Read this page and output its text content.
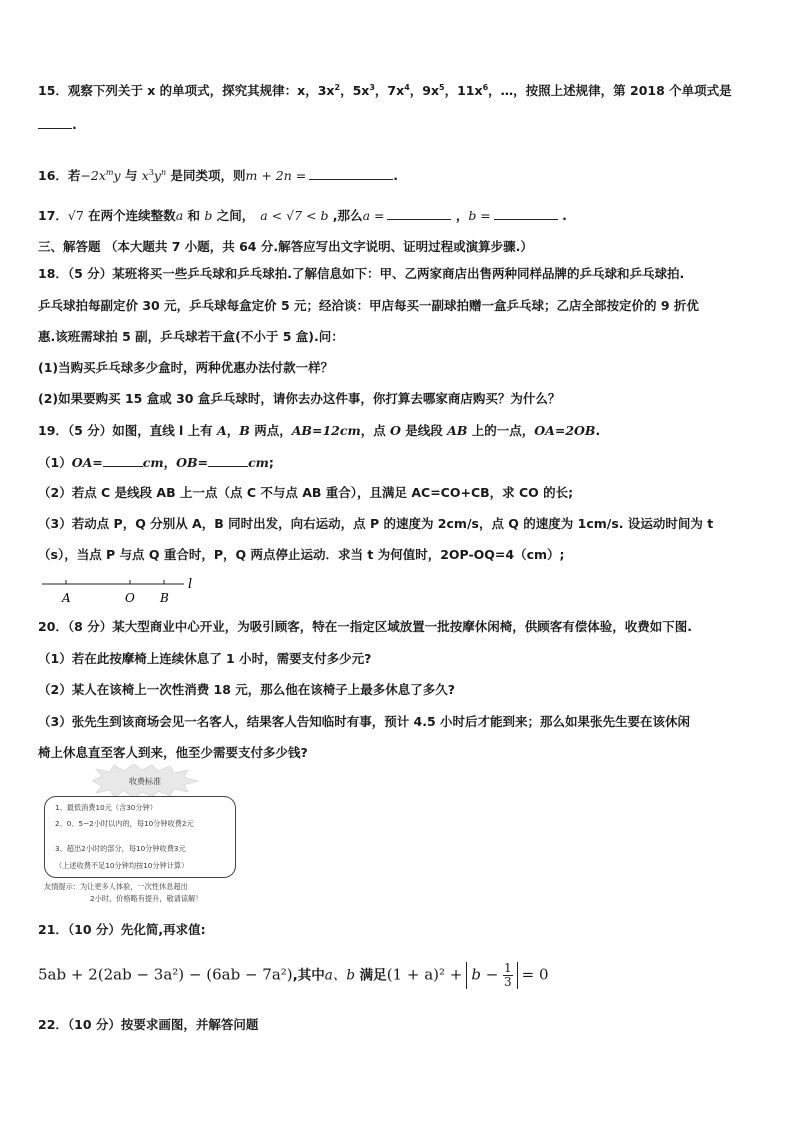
15．观察下列关于 x 的单项式，探究其规律：x，$3x^2$，$5x^3$，$7x^4$，$9x^5$，$11x^6$，…，按照上述规律，第 2018 个单项式是
.
16．若$-2x^my$ 与 $x^3y^n$ 是同类项，则m + 2n =	.
17．√7 在两个连续整数a 和 b 之间， a < √7 < b ,那么a =	，b =	.
三、解答题 （本大题共 7 小题，共 64 分.解答应写出文字说明、证明过程或演算步骤.）
18．（5 分）某班将买一些乒乓球和乒乓球拍.了解信息如下：甲、乙两家商店出售两种同样品牌的乒乓球和乒乓球拍.
乒乓球拍每副定价 30 元，乒乓球每盒定价 5 元；经洽谈：甲店每买一副球拍赠一盒乒乓球；乙店全部按定价的 9 折优
惠.该班需球拍 5 副，乒乓球若干盒(不小于 5 盒).问：
(1)当购买乒乓球多少盒时，两种优惠办法付款一样？
(2)如果要购买 15 盒或 30 盒乒乓球时，请你去办这件事，你打算去哪家商店购买？为什么？
19．（5 分）如图，直线 l 上有 A，B 两点，AB=12cm，点 O 是线段 AB 上的一点，OA=2OB.
（1）OA=	cm，OB=	cm;
（2）若点 C 是线段 AB 上一点（点 C 不与点 AB 重合），且满足 AC=CO+CB，求 CO 的长;
（3）若动点 P，Q 分别从 A，B 同时出发，向右运动，点 P 的速度为 2cm/s，点 Q 的速度为 1cm/s. 设运动时间为 t
（s），当点 P 与点 Q 重合时，P，Q 两点停止运动．求当 t 为何值时，2OP-OQ=4（cm）;
A	O B
l
20．（8 分）某大型商业中心开业，为吸引顾客，特在一指定区域放置一批按摩休闲椅，供顾客有偿体验，收费如下图.
（1）若在此按摩椅上连续休息了 1 小时，需要支付多少元?
（2）某人在该椅上一次性消费 18 元，那么他在该椅子上最多休息了多久?
（3）张先生到该商场会见一名客人，结果客人告知临时有事，预计 4.5 小时后才能到来；那么如果张先生要在该休闲
椅上休息直至客人到来，他至少需要支付多少钱?
收费标准
1、最低消费10元（含30分钟）
2、0．5−2小时以内的，每10分钟收费2元
3、超出2小时的部分，每10分钟收费3元
（上述收费不足10分钟均按10分钟计算）
友情提示：为让更多人体验，一次性休息超出
2小时，价格略有提升，敬请谅解！
21．（10 分）先化简,再求值:
5ab + 2(2ab − 3a²) − (6ab − 7a²),其中a、b 满足$(1 + a)^2 + b - \frac{1}{3} = 0$
22．（10 分）按要求画图，并解答问题
